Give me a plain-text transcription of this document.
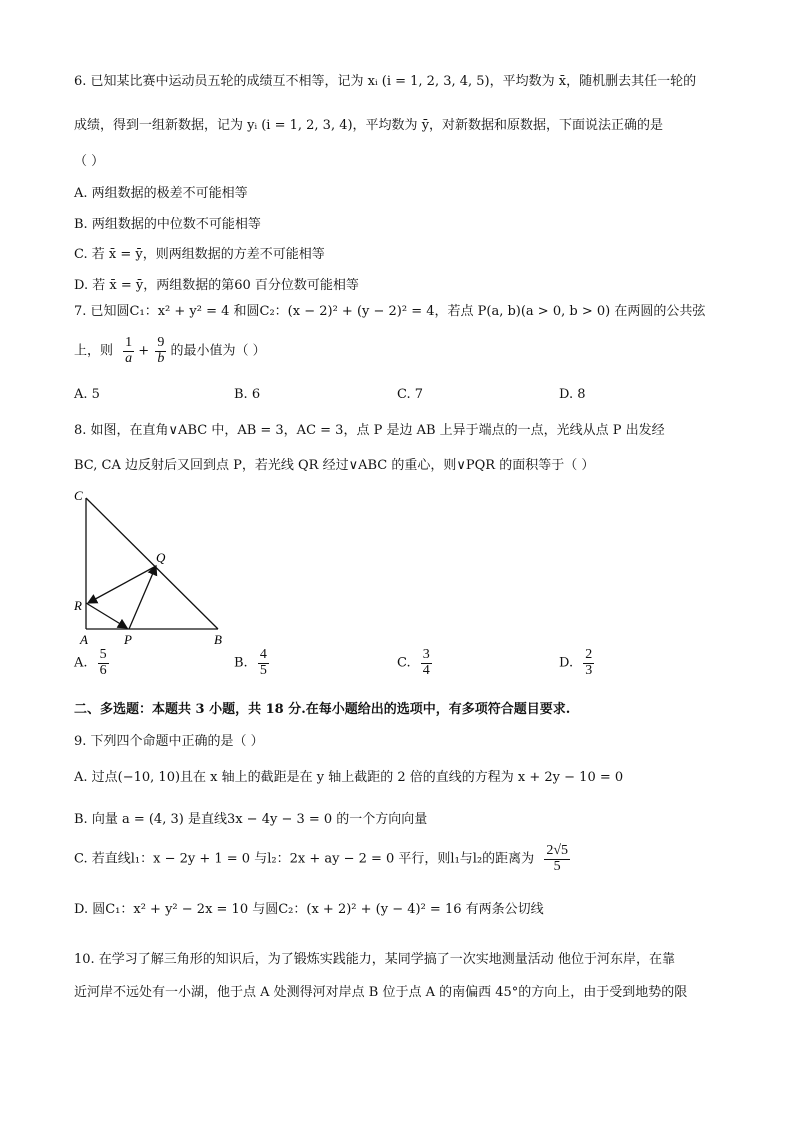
6. 已知某比赛中运动员五轮的成绩互不相等，记为 xᵢ (i = 1, 2, 3, 4, 5)，平均数为 x̄，随机删去其任一轮的
成绩，得到一组新数据，记为 yᵢ (i = 1, 2, 3, 4)，平均数为 ȳ，对新数据和原数据，下面说法正确的是
（ ）
A. 两组数据的极差不可能相等
B. 两组数据的中位数不可能相等
C. 若 x̄ = ȳ，则两组数据的方差不可能相等
D. 若 x̄ = ȳ，两组数据的第60 百分位数可能相等
7. 已知圆C₁：x² + y² = 4 和圆C₂：(x − 2)² + (y − 2)² = 4，若点 P(a, b)(a > 0, b > 0) 在两圆的公共弦
上，则 $\frac{1}{a} + \frac{9}{b}$ 的最小值为（ ）
A. 5	B. 6	C. 7	D. 8
8. 如图，在直角∨ABC 中，AB = 3，AC = 3，点 P 是边 AB 上异于端点的一点，光线从点 P 出发经
BC, CA 边反射后又回到点 P，若光线 QR 经过∨ABC 的重心，则∨PQR 的面积等于（ ）
C
Q
R
A	P	B
A. $\frac{5}{6}$	B. $\frac{4}{5}$	C. $\frac{3}{4}$	D. $\frac{2}{3}$
二、多选题：本题共 3 小题，共 18 分.在每小题给出的选项中，有多项符合题目要求.
9. 下列四个命题中正确的是（ ）
A. 过点(−10, 10)且在 x 轴上的截距是在 y 轴上截距的 2 倍的直线的方程为 x + 2y − 10 = 0
B. 向量 a = (4, 3) 是直线3x − 4y − 3 = 0 的一个方向向量
C. 若直线l₁：x − 2y + 1 = 0 与l₂：2x + ay − 2 = 0 平行，则l₁与l₂的距离为 $\frac{2√5}{5}$
D. 圆C₁：x² + y² − 2x = 10 与圆C₂：(x + 2)² + (y − 4)² = 16 有两条公切线
10. 在学习了解三角形的知识后，为了锻炼实践能力，某同学搞了一次实地测量活动 他位于河东岸，在靠
近河岸不远处有一小湖，他于点 A 处测得河对岸点 B 位于点 A 的南偏西 45°的方向上，由于受到地势的限
